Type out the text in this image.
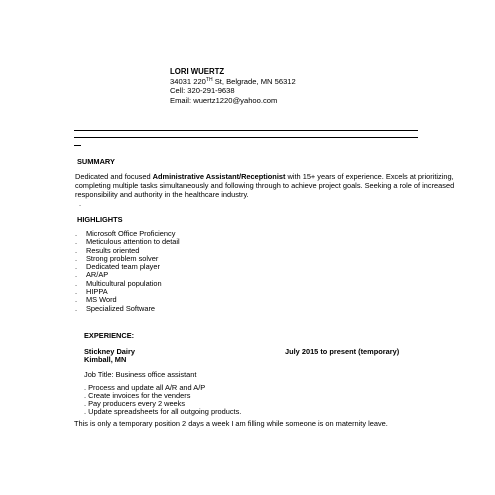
LORI WUERTZ
34031 220TH St, Belgrade, MN 56312
Cell: 320-291-9638
Email: wuertz1220@yahoo.com
SUMMARY
Dedicated and focused Administrative Assistant/Receptionist with 15+ years of experience. Excels at prioritizing, completing multiple tasks simultaneously and following through to achieve project goals. Seeking a role of increased responsibility and authority in the healthcare industry.
.
HIGHLIGHTS
. Microsoft Office Proficiency
. Meticulous attention to detail
. Results oriented
. Strong problem solver
. Dedicated team player
. AR/AP
. Multicultural population
. HIPPA
. MS Word
. Specialized Software
EXPERIENCE:
Stickney Dairy
Kimball, MN
July 2015 to present (temporary)
Job Title: Business office assistant
. Process and update all A/R and A/P
. Create invoices for the venders
. Pay producers every 2 weeks
. Update spreadsheets for all outgoing products.
This is only a temporary position 2 days a week I am filling while someone is on maternity leave.
